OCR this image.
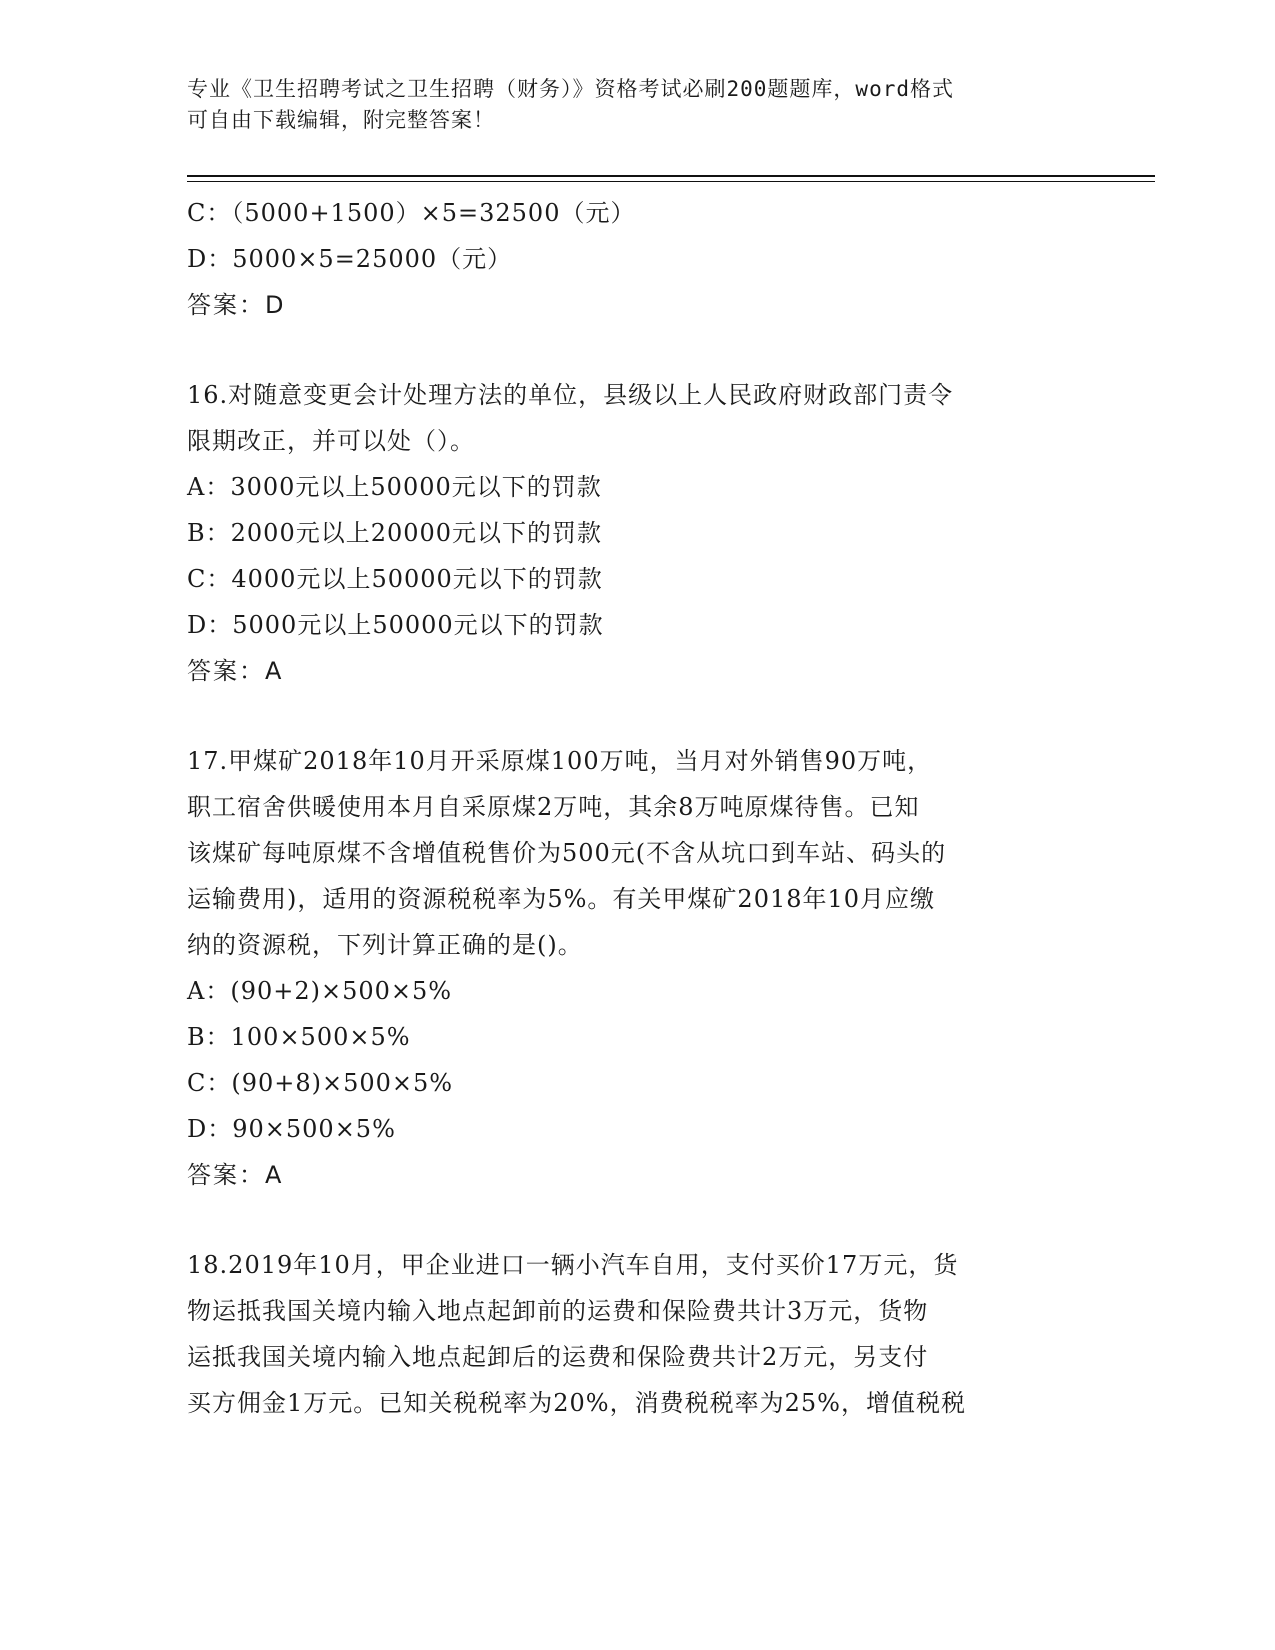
专业《卫生招聘考试之卫生招聘（财务）》资格考试必刷200题题库，word格式
可自由下载编辑，附完整答案！
C：（5000+1500）×5=32500（元）
D：5000×5=25000（元）
答案：D
16.对随意变更会计处理方法的单位，县级以上人民政府财政部门责令
限期改正，并可以处（）。
A：3000元以上50000元以下的罚款
B：2000元以上20000元以下的罚款
C：4000元以上50000元以下的罚款
D：5000元以上50000元以下的罚款
答案：A
17.甲煤矿2018年10月开采原煤100万吨，当月对外销售90万吨，
职工宿舍供暖使用本月自采原煤2万吨，其余8万吨原煤待售。已知
该煤矿每吨原煤不含增值税售价为500元(不含从坑口到车站、码头的
运输费用)，适用的资源税税率为5%。有关甲煤矿2018年10月应缴
纳的资源税，下列计算正确的是()。
A：(90+2)×500×5%
B：100×500×5%
C：(90+8)×500×5%
D：90×500×5%
答案：A
18.2019年10月，甲企业进口一辆小汽车自用，支付买价17万元，货
物运抵我国关境内输入地点起卸前的运费和保险费共计3万元，货物
运抵我国关境内输入地点起卸后的运费和保险费共计2万元，另支付
买方佣金1万元。已知关税税率为20%，消费税税率为25%，增值税税
